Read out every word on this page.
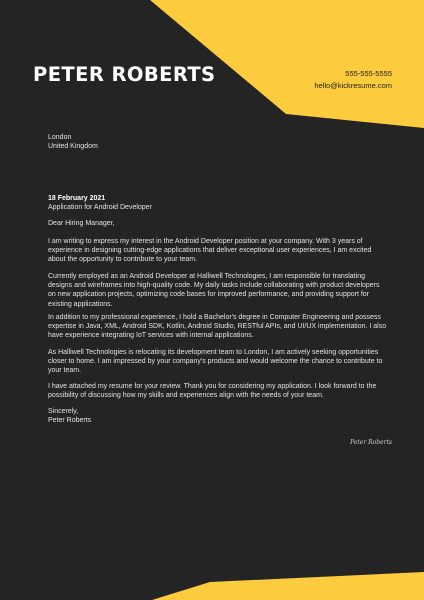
PETER ROBERTS	555-555-5555
hello@kickresume.com
London
United Kingdom
18 February 2021
Application for Android Developer
Dear Hiring Manager,

I am writing to express my interest in the Android Developer position at your company. With 3 years of experience in designing cutting-edge applications that deliver exceptional user experiences, I am excited about the opportunity to contribute to your team.

Currently employed as an Android Developer at Halliwell Technologies, I am responsible for translating designs and wireframes into high-quality code. My daily tasks include collaborating with product developers on new application projects, optimizing code bases for improved performance, and providing support for existing applications.

In addition to my professional experience, I hold a Bachelor's degree in Computer Engineering and possess expertise in Java, XML, Android SDK, Kotlin, Android Studio, RESTful APIs, and UI/UX implementation. I also have experience integrating IoT services with internal applications.

As Halliwell Technologies is relocating its development team to London, I am actively seeking opportunities closer to home. I am impressed by your company's products and would welcome the chance to contribute to your team.

I have attached my resume for your review. Thank you for considering my application. I look forward to the possibility of discussing how my skills and experiences align with the needs of your team.

Sincerely,
Peter Roberts
Peter Roberts
